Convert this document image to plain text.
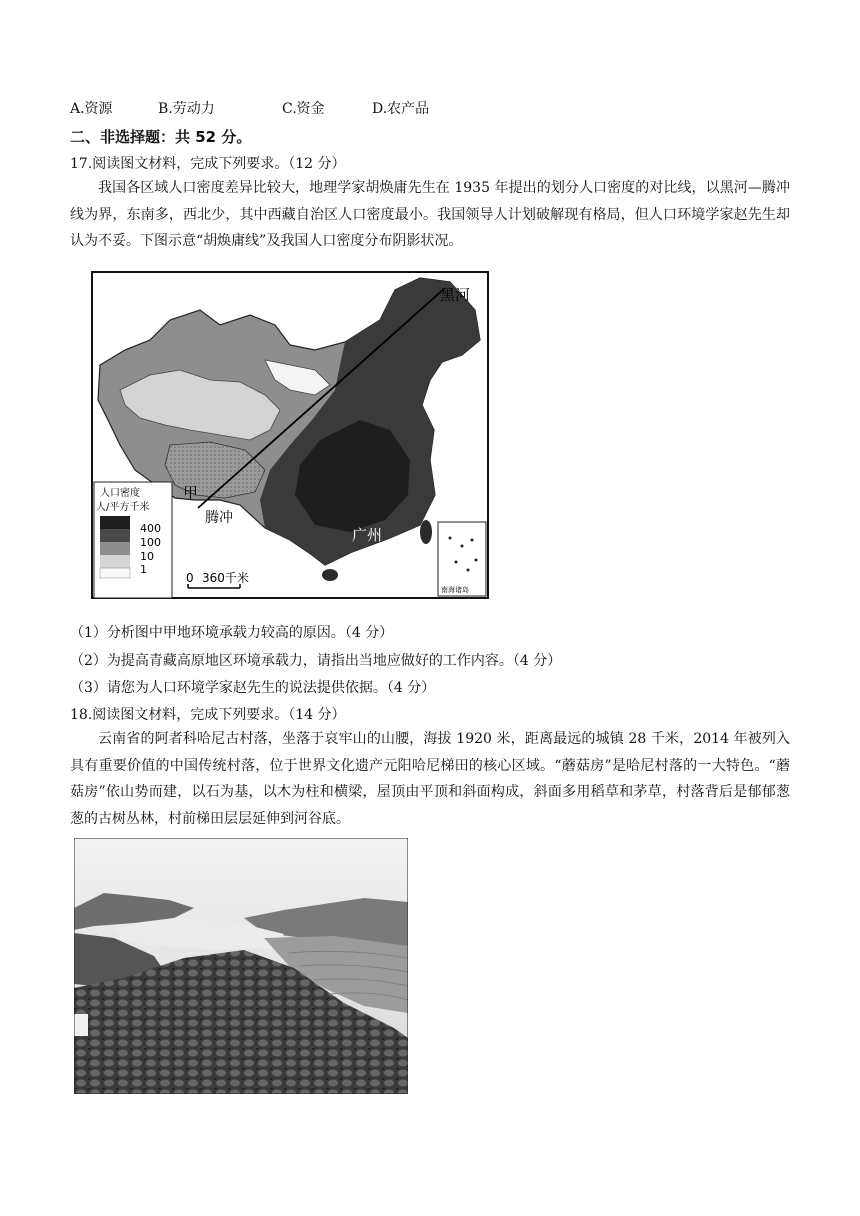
A.资源	B.劳动力	C.资金	D.农产品
二、非选择题：共 52 分。
17.阅读图文材料，完成下列要求。（12 分）
我国各区域人口密度差异比较大，地理学家胡焕庸先生在 1935 年提出的划分人口密度的对比线，以黑河—腾冲线为界，东南多，西北少，其中西藏自治区人口密度最小。我国领导人计划破解现有格局，但人口环境学家赵先生却认为不妥。下图示意“胡焕庸线”及我国人口密度分布阴影状况。
黑河
甲
腾冲
广州
人口密度
人/平方千米
400
100
10
1
0 360千米
南海诸岛
（1）分析图中甲地环境承载力较高的原因。（4 分）
（2）为提高青藏高原地区环境承载力，请指出当地应做好的工作内容。（4 分）
（3）请您为人口环境学家赵先生的说法提供依据。（4 分）
18.阅读图文材料，完成下列要求。（14 分）
云南省的阿者科哈尼古村落，坐落于哀牢山的山腰，海拔 1920 米，距离最远的城镇 28 千米，2014 年被列入具有重要价值的中国传统村落，位于世界文化遗产元阳哈尼梯田的核心区域。“蘑菇房”是哈尼村落的一大特色。“蘑菇房”依山势而建，以石为基，以木为柱和横梁，屋顶由平顶和斜面构成，斜面多用稻草和茅草，村落背后是郁郁葱葱的古树丛林，村前梯田层层延伸到河谷底。
